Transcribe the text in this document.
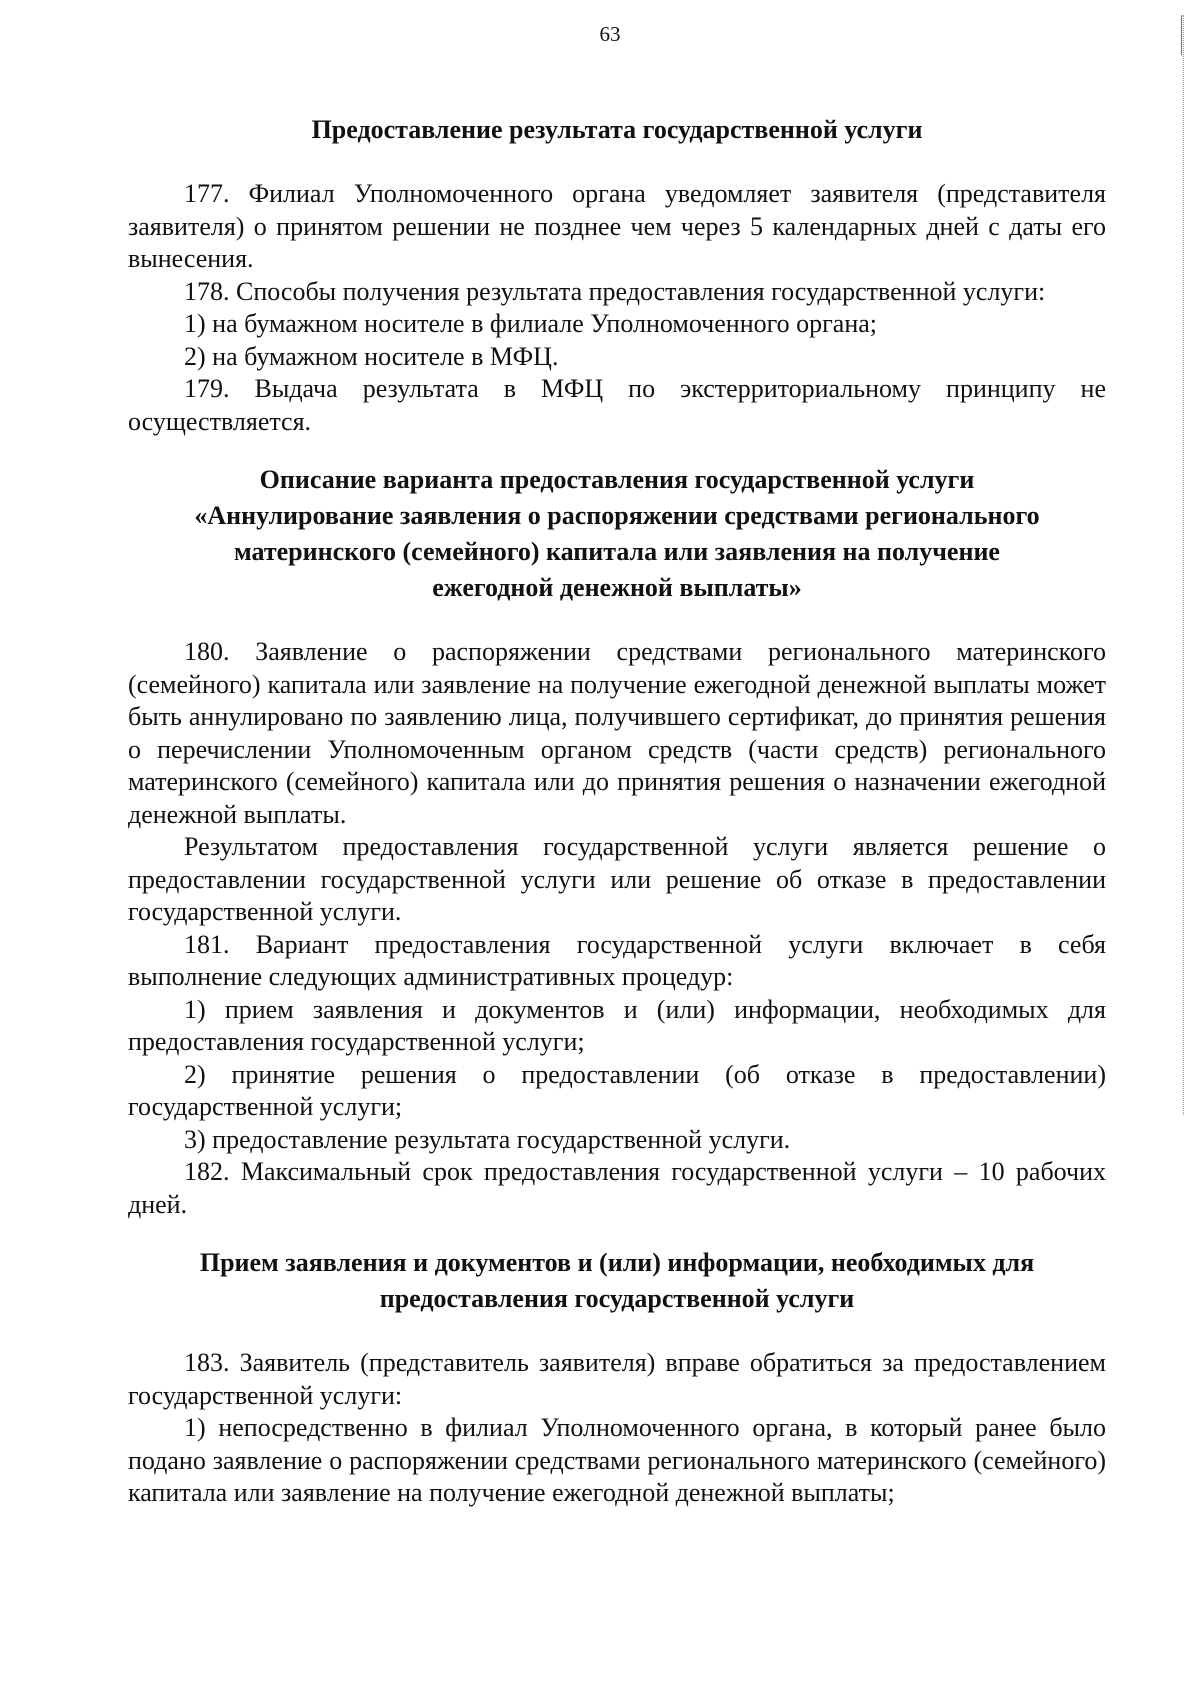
63

Предоставление результата государственной услуги

177. Филиал Уполномоченного органа уведомляет заявителя (представителя заявителя) о принятом решении не позднее чем через 5 календарных дней с даты его вынесения.

178. Способы получения результата предоставления государственной услуги:

1) на бумажном носителе в филиале Уполномоченного органа;

2) на бумажном носителе в МФЦ.

179. Выдача результата в МФЦ по экстерриториальному принципу не осуществляется.

Описание варианта предоставления государственной услуги
«Аннулирование заявления о распоряжении средствами регионального
материнского (семейного) капитала или заявления на получение
ежегодной денежной выплаты»

180. Заявление о распоряжении средствами регионального материнского (семейного) капитала или заявление на получение ежегодной денежной выплаты может быть аннулировано по заявлению лица, получившего сертификат, до принятия решения о перечислении Уполномоченным органом средств (части средств) регионального материнского (семейного) капитала или до принятия решения о назначении ежегодной денежной выплаты.

Результатом предоставления государственной услуги является решение о предоставлении государственной услуги или решение об отказе в предоставлении государственной услуги.

181. Вариант предоставления государственной услуги включает в себя выполнение следующих административных процедур:

1) прием заявления и документов и (или) информации, необходимых для предоставления государственной услуги;

2) принятие решения о предоставлении (об отказе в предоставлении) государственной услуги;

3) предоставление результата государственной услуги.

182. Максимальный срок предоставления государственной услуги – 10 рабочих дней.

Прием заявления и документов и (или) информации, необходимых для
предоставления государственной услуги

183. Заявитель (представитель заявителя) вправе обратиться за предоставлением государственной услуги:

1) непосредственно в филиал Уполномоченного органа, в который ранее было подано заявление о распоряжении средствами регионального материнского (семейного) капитала или заявление на получение ежегодной денежной выплаты;
